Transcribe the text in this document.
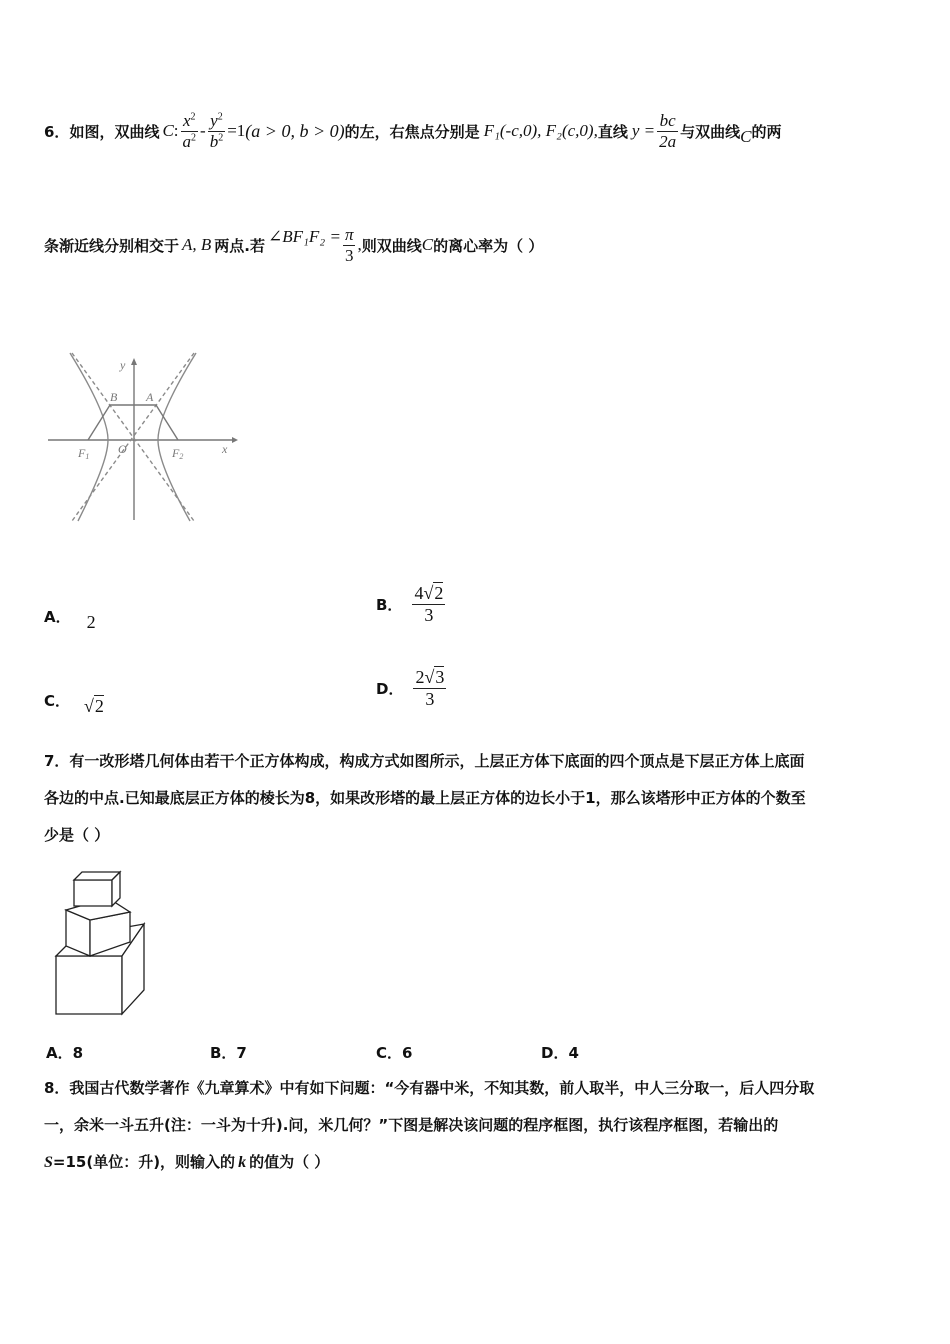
6． 如图，双曲线 C : $\frac{x^2}{a^2} - \frac{y^2}{b^2} =1$ (a > 0, b > 0) 的左，右焦点分别是 F₁(-c,0), F₂(c,0), 直线 $y = \frac{bc}{2a}$ 与双曲线 C 的两
条渐近线分别相交于 A, B 两点.若 ∠BF₁F₂ = $\frac{\pi}{3}$ , 则双曲线 C 的离心率为（ ）
y
x
B A
O
F1	F2
A． 2
B． $\frac{4√2}{3}$
C． √2
D． $\frac{2√3}{3}$
7．有一改形塔几何体由若干个正方体构成，构成方式如图所示，上层正方体下底面的四个顶点是下层正方体上底面
各边的中点.已知最底层正方体的棱长为8，如果改形塔的最上层正方体的边长小于1，那么该塔形中正方体的个数至
少是（ ）
A．8	B．7	C．6	D．4
8．我国古代数学著作《九章算术》中有如下问题：“今有器中米，不知其数，前人取半，中人三分取一，后人四分取
一，余米一斗五升(注：一斗为十升).问，米几何？”下图是解决该问题的程序框图，执行该程序框图，若输出的
S =15(单位：升)，则输入的 k 的值为（ ）
